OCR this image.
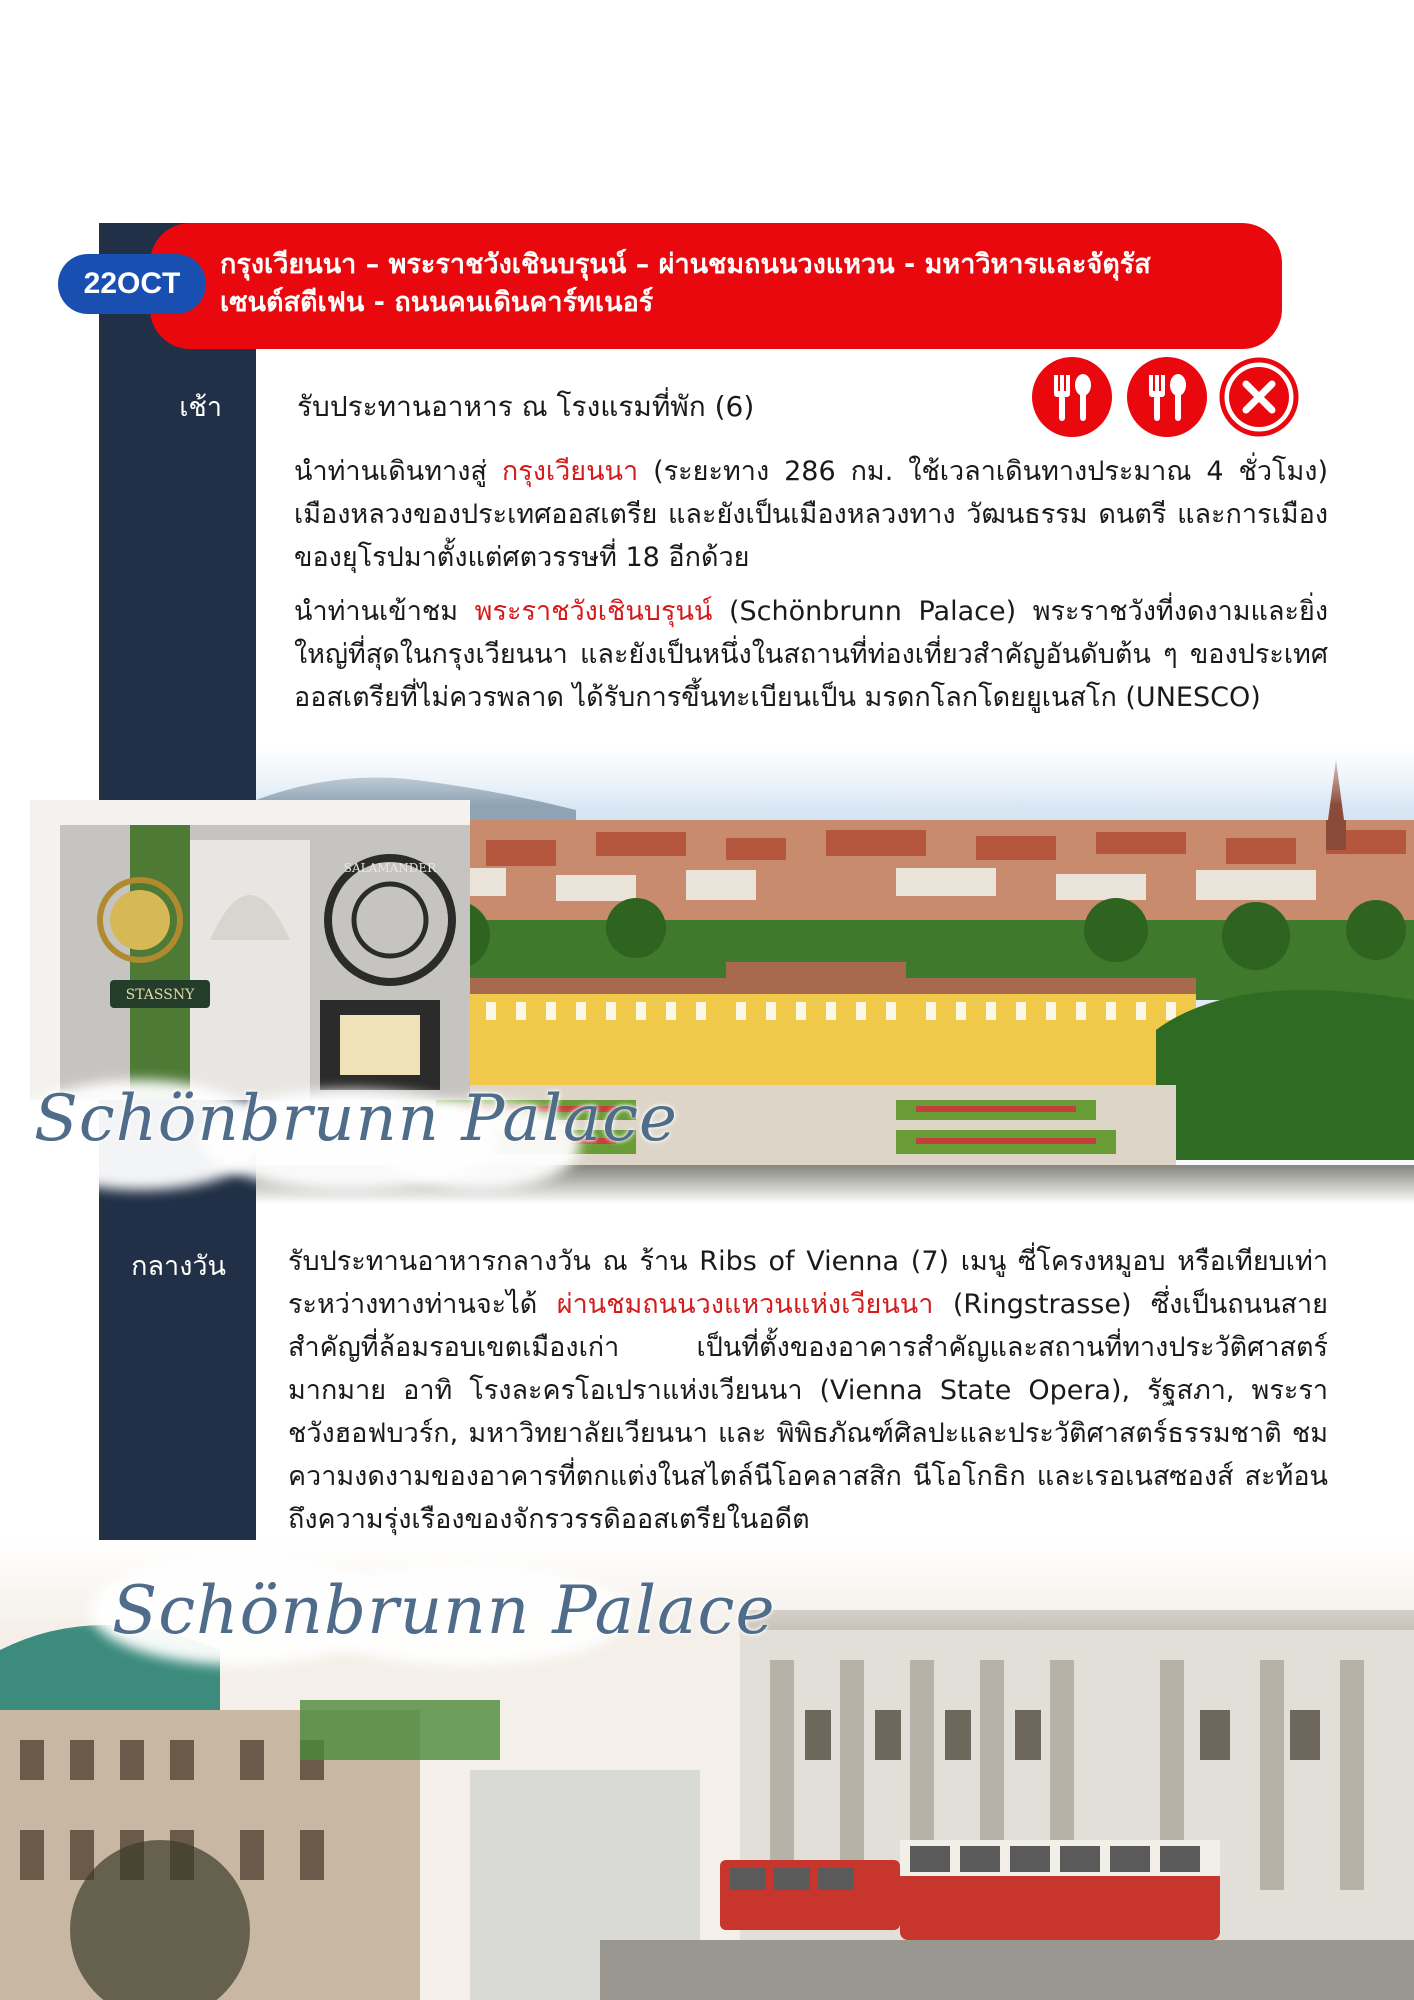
STASSNY
SALAMANDER
Schönbrunn Palace
Schönbrunn Palace
กรุงเวียนนา – พระราชวังเชินบรุนน์ – ผ่านชมถนนวงแหวน - มหาวิหารและจัตุรัส
เซนต์สตีเฟน - ถนนคนเดินคาร์ทเนอร์
22OCT
เช้า	รับประทานอาหาร ณ โรงแรมที่พัก (6)
นำท่านเดินทางสู่ กรุงเวียนนา (ระยะทาง 286 กม. ใช้เวลาเดินทางประมาณ 4 ชั่วโมง) เมืองหลวงของประเทศออสเตรีย และยังเป็นเมืองหลวงทาง วัฒนธรรม ดนตรี และการเมือง ของยุโรปมาตั้งแต่ศตวรรษที่ 18 อีกด้วย
นำท่านเข้าชม พระราชวังเชินบรุนน์ (Schönbrunn Palace) พระราชวังที่งดงามและยิ่งใหญ่ที่สุดในกรุงเวียนนา และยังเป็นหนึ่งในสถานที่ท่องเที่ยวสำคัญอันดับต้น ๆ ของประเทศออสเตรียที่ไม่ควรพลาด ได้รับการขึ้นทะเบียนเป็น มรดกโลกโดยยูเนสโก (UNESCO)
กลางวัน รับประทานอาหารกลางวัน ณ ร้าน Ribs of Vienna (7) เมนู ซี่โครงหมูอบ หรือเทียบเท่า ระหว่างทางท่านจะได้ ผ่านชมถนนวงแหวนแห่งเวียนนา (Ringstrasse) ซึ่งเป็นถนนสายสำคัญที่ล้อมรอบเขตเมืองเก่า เป็นที่ตั้งของอาคารสำคัญและสถานที่ทางประวัติศาสตร์มากมาย อาทิ โรงละครโอเปราแห่งเวียนนา (Vienna State Opera), รัฐสภา, พระราชวังฮอฟบวร์ก, มหาวิทยาลัยเวียนนา และ พิพิธภัณฑ์ศิลปะและประวัติศาสตร์ธรรมชาติ ชมความงดงามของอาคารที่ตกแต่งในสไตล์นีโอคลาสสิก นีโอโกธิก และเรอเนสซองส์ สะท้อนถึงความรุ่งเรืองของจักรวรรดิออสเตรียในอดีต
